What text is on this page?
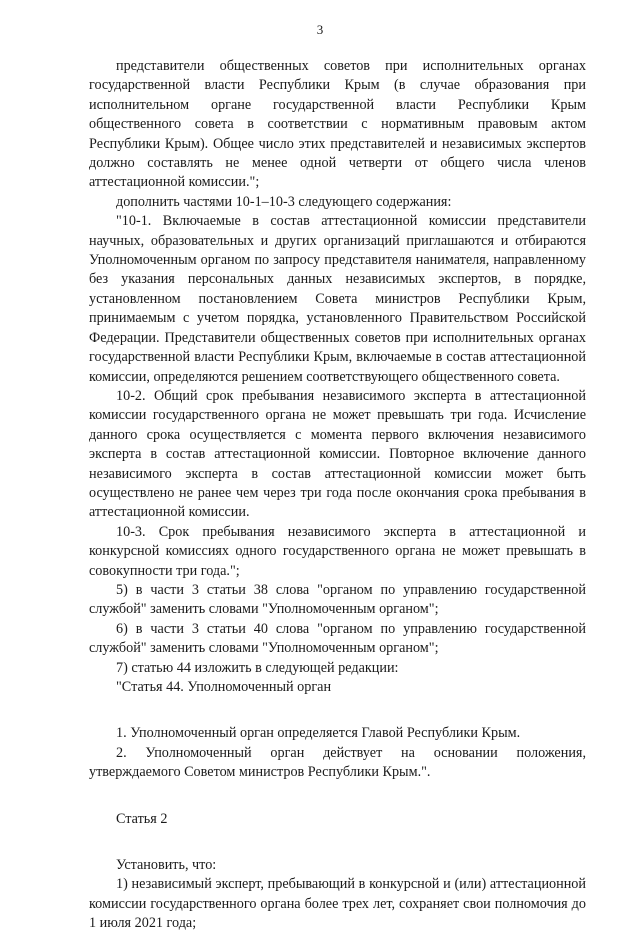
3

представители общественных советов при исполнительных органах государственной власти Республики Крым (в случае образования при исполнительном органе государственной власти Республики Крым общественного совета в соответствии с нормативным правовым актом Республики Крым). Общее число этих представителей и независимых экспертов должно составлять не менее одной четверти от общего числа членов аттестационной комиссии.";

дополнить частями 10-1–10-3 следующего содержания:

"10-1. Включаемые в состав аттестационной комиссии представители научных, образовательных и других организаций приглашаются и отбираются Уполномоченным органом по запросу представителя нанимателя, направленному без указания персональных данных независимых экспертов, в порядке, установленном постановлением Совета министров Республики Крым, принимаемым с учетом порядка, установленного Правительством Российской Федерации. Представители общественных советов при исполнительных органах государственной власти Республики Крым, включаемые в состав аттестационной комиссии, определяются решением соответствующего общественного совета.

10-2. Общий срок пребывания независимого эксперта в аттестационной комиссии государственного органа не может превышать три года. Исчисление данного срока осуществляется с момента первого включения независимого эксперта в состав аттестационной комиссии. Повторное включение данного независимого эксперта в состав аттестационной комиссии может быть осуществлено не ранее чем через три года после окончания срока пребывания в аттестационной комиссии.

10-3. Срок пребывания независимого эксперта в аттестационной и конкурсной комиссиях одного государственного органа не может превышать в совокупности три года.";

5) в части 3 статьи 38 слова "органом по управлению государственной службой" заменить словами "Уполномоченным органом";

6) в части 3 статьи 40 слова "органом по управлению государственной службой" заменить словами "Уполномоченным органом";

7) статью 44 изложить в следующей редакции:

"Статья 44. Уполномоченный орган

1. Уполномоченный орган определяется Главой Республики Крым.

2. Уполномоченный орган действует на основании положения, утверждаемого Советом министров Республики Крым.".

Статья 2

Установить, что:

1) независимый эксперт, пребывающий в конкурсной и (или) аттестационной комиссии государственного органа более трех лет, сохраняет свои полномочия до 1 июля 2021 года;
